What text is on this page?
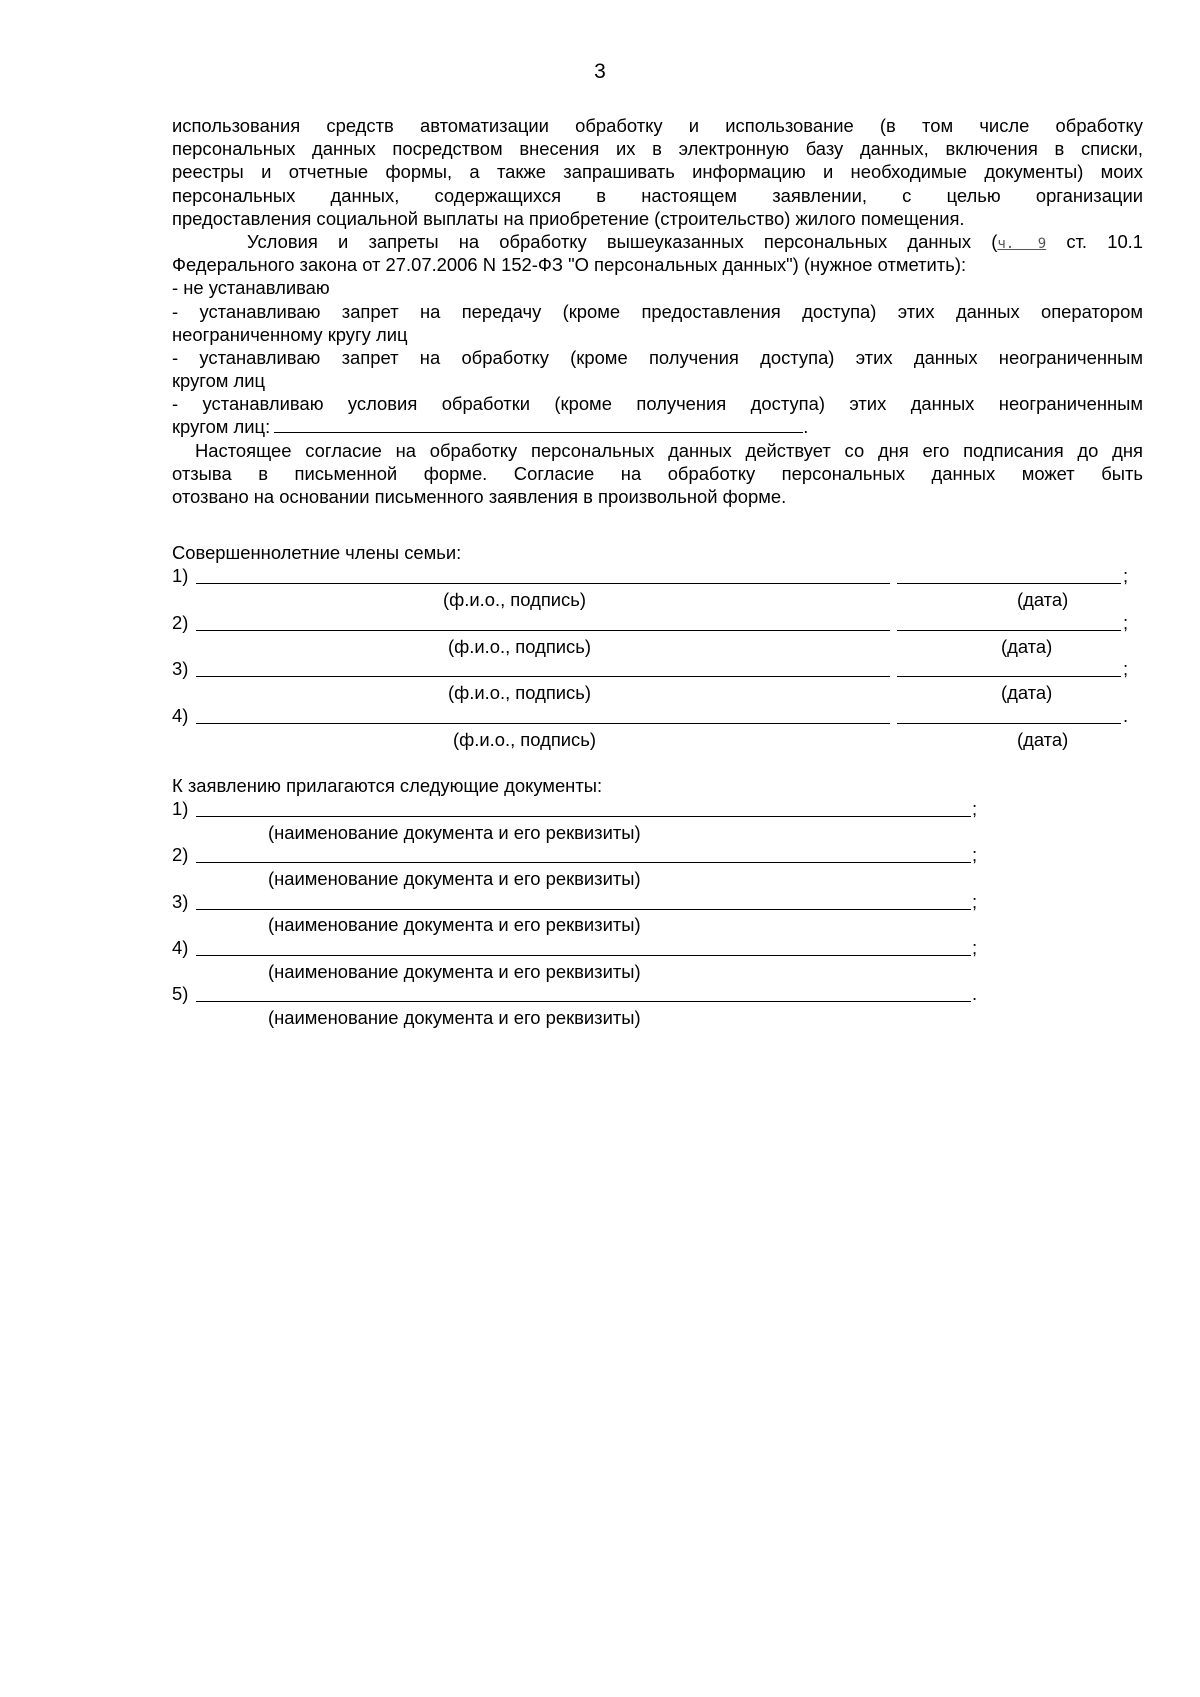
3
использования средств автоматизации обработку и использование (в том числе обработку
персональных данных посредством внесения их в электронную базу данных, включения в списки,
реестры и отчетные формы, а также запрашивать информацию и необходимые документы) моих
персональных данных, содержащихся в настоящем заявлении, с целью организации
предоставления социальной выплаты на приобретение (строительство) жилого помещения.
Условия и запреты на обработку вышеуказанных персональных данных (ч. 9 ст. 10.1
Федерального закона от 27.07.2006 N 152-ФЗ "О персональных данных") (нужное отметить):
- не устанавливаю
- устанавливаю запрет на передачу (кроме предоставления доступа) этих данных оператором
неограниченному кругу лиц
- устанавливаю запрет на обработку (кроме получения доступа) этих данных неограниченным
кругом лиц
- устанавливаю условия обработки (кроме получения доступа) этих данных неограниченным
кругом лиц:	.
Настоящее согласие на обработку персональных данных действует со дня его подписания до дня
отзыва в письменной форме. Согласие на обработку персональных данных может быть
отозвано на основании письменного заявления в произвольной форме.
Совершеннолетние члены семьи:
1)	;
(ф.и.о., подпись)	(дата)
2)	;
(ф.и.о., подпись)	(дата)
3)	;
(ф.и.о., подпись)	(дата)
4)	.
(ф.и.о., подпись)	(дата)
К заявлению прилагаются следующие документы:
1)	;
(наименование документа и его реквизиты)
2)	;
(наименование документа и его реквизиты)
3)	;
(наименование документа и его реквизиты)
4)	;
(наименование документа и его реквизиты)
5)	.
(наименование документа и его реквизиты)
